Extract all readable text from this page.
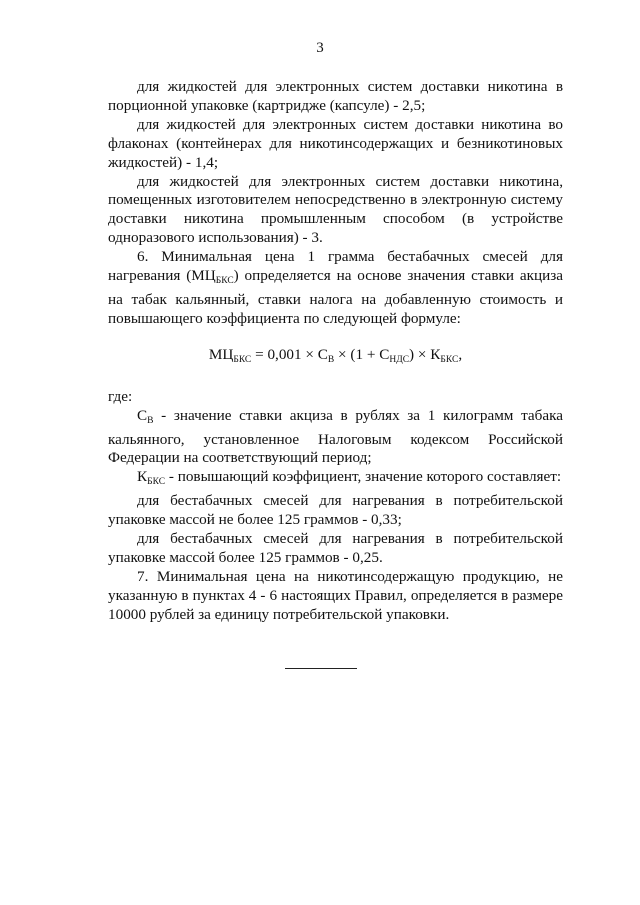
3

для жидкостей для электронных систем доставки никотина в порционной упаковке (картридже (капсуле) - 2,5;

для жидкостей для электронных систем доставки никотина во флаконах (контейнерах для никотинсодержащих и безникотиновых жидкостей) - 1,4;

для жидкостей для электронных систем доставки никотина, помещенных изготовителем непосредственно в электронную систему доставки никотина промышленным способом (в устройстве одноразового использования) - 3.

6. Минимальная цена 1 грамма бестабачных смесей для нагревания $(МЦ_{БКС})$ определяется на основе значения ставки акциза на табак кальянный, ставки налога на добавленную стоимость и повышающего коэффициента по следующей формуле:

$МЦ_{БКС} = 0,001 \times С_В \times (1 + С_{НДС}) \times К_{БКС}$,

где:

$С_В$ - значение ставки акциза в рублях за 1 килограмм табака кальянного, установленное Налоговым кодексом Российской Федерации на соответствующий период;

$К_{БКС}$ - повышающий коэффициент, значение которого составляет:

для бестабачных смесей для нагревания в потребительской упаковке массой не более 125 граммов - 0,33;

для бестабачных смесей для нагревания в потребительской упаковке массой более 125 граммов - 0,25.

7. Минимальная цена на никотинсодержащую продукцию, не указанную в пунктах 4 - 6 настоящих Правил, определяется в размере 10000 рублей за единицу потребительской упаковки.
